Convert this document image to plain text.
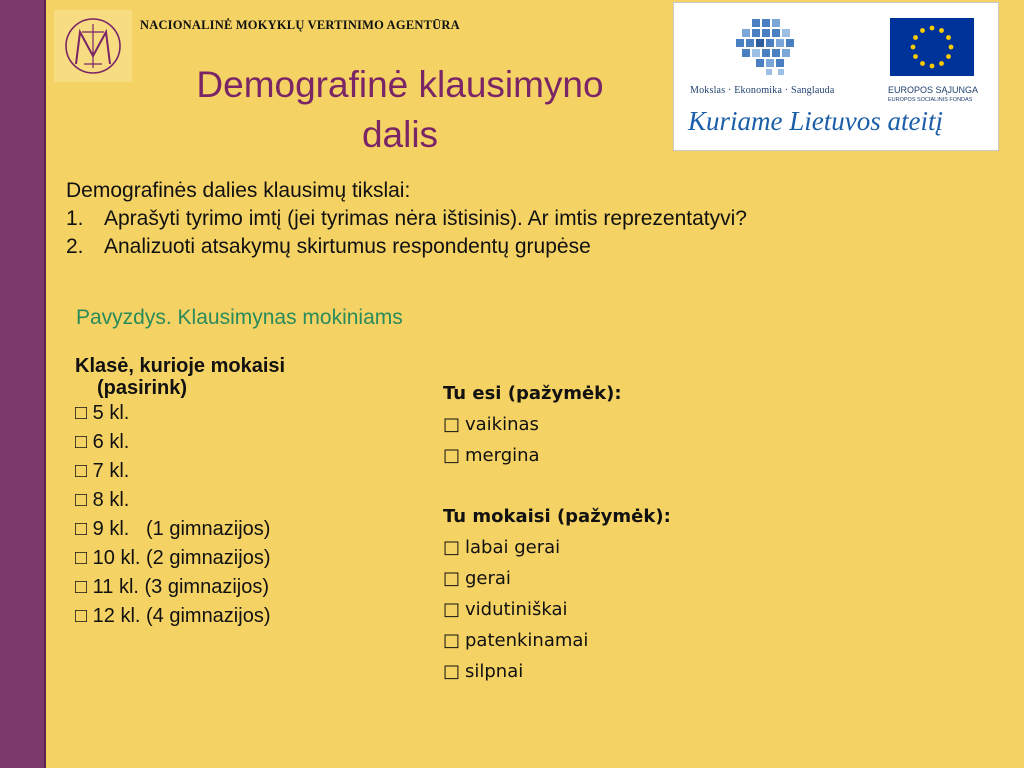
NACIONALINĖ MOKYKLŲ VERTINIMO AGENTŪRA
Demografinė klausimyno
dalis
Mokslas · Ekonomika · Sanglauda	EUROPOS SĄJUNGA
EUROPOS SOCIALINIS FONDAS
Kuriame Lietuvos ateitį
Demografinės dalies klausimų tikslai:
1. Aprašyti tyrimo imtį (jei tyrimas nėra ištisinis). Ar imtis reprezentatyvi?
2. Analizuoti atsakymų skirtumus respondentų grupėse
Pavyzdys. Klausimynas mokiniams
Klasė, kurioje mokaisi
(pasirink)
□ 5 kl.
□ 6 kl.
□ 7 kl.
□ 8 kl.
□ 9 kl.   (1 gimnazijos)
□ 10 kl. (2 gimnazijos)
□ 11 kl. (3 gimnazijos)
□ 12 kl. (4 gimnazijos)
Tu esi (pažymėk):
□ vaikinas
□ mergina
Tu mokaisi (pažymėk):
□ labai gerai
□ gerai
□ vidutiniškai
□ patenkinamai
□ silpnai
